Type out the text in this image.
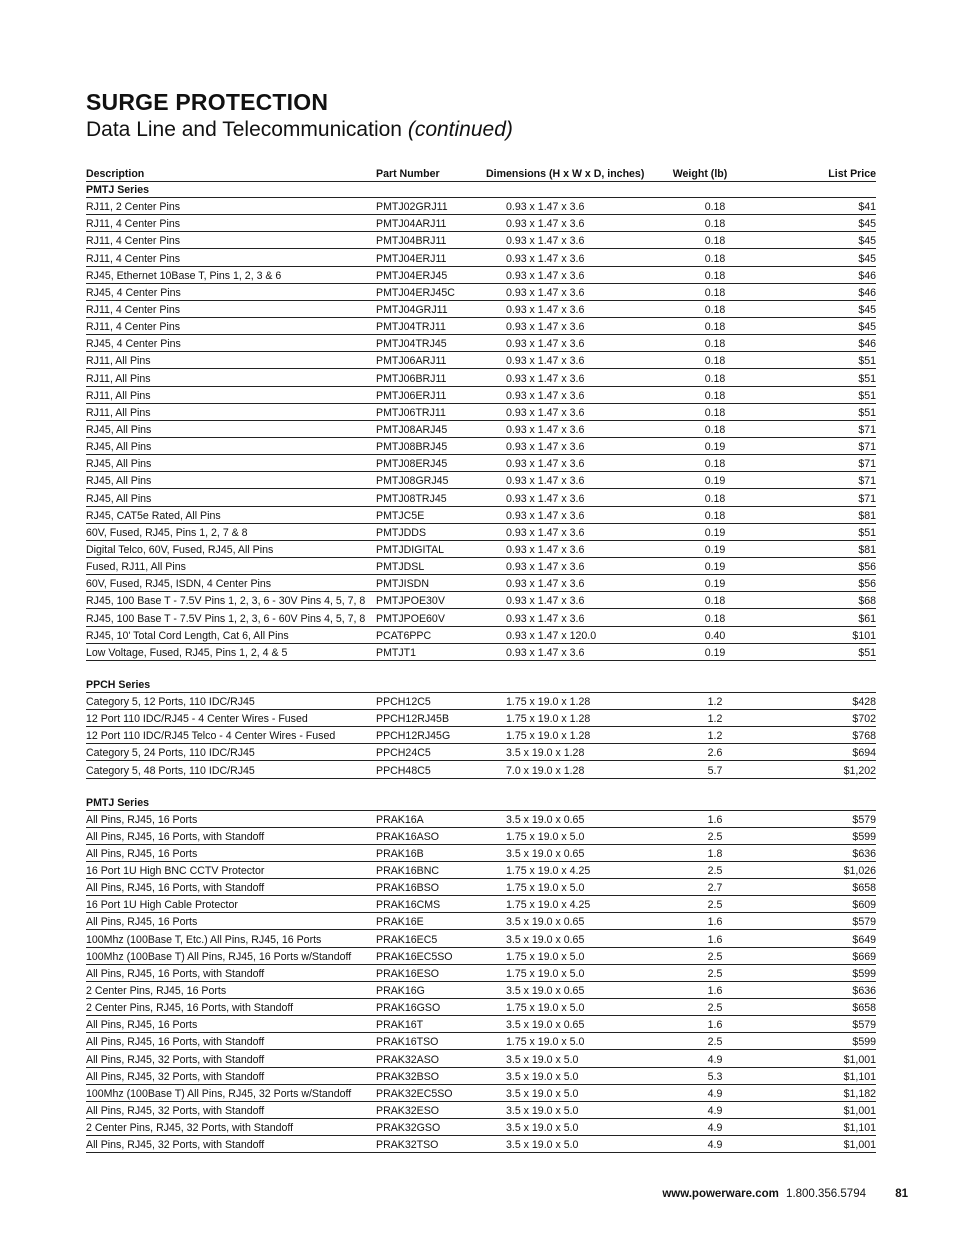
SURGE PROTECTION
Data Line and Telecommunication (continued)
Description	Part Number	Dimensions (H x W x D, inches)	Weight (lb)	List Price
PMTJ Series
RJ11, 2 Center Pins	PMTJ02GRJ11	0.93 x 1.47 x 3.6	0.18	$41
RJ11, 4 Center Pins	PMTJ04ARJ11	0.93 x 1.47 x 3.6	0.18	$45
RJ11, 4 Center Pins	PMTJ04BRJ11	0.93 x 1.47 x 3.6	0.18	$45
RJ11, 4 Center Pins	PMTJ04ERJ11	0.93 x 1.47 x 3.6	0.18	$45
RJ45, Ethernet 10Base T, Pins 1, 2, 3 & 6	PMTJ04ERJ45	0.93 x 1.47 x 3.6	0.18	$46
RJ45, 4 Center Pins	PMTJ04ERJ45C	0.93 x 1.47 x 3.6	0.18	$46
RJ11, 4 Center Pins	PMTJ04GRJ11	0.93 x 1.47 x 3.6	0.18	$45
RJ11, 4 Center Pins	PMTJ04TRJ11	0.93 x 1.47 x 3.6	0.18	$45
RJ45, 4 Center Pins	PMTJ04TRJ45	0.93 x 1.47 x 3.6	0.18	$46
RJ11, All Pins	PMTJ06ARJ11	0.93 x 1.47 x 3.6	0.18	$51
RJ11, All Pins	PMTJ06BRJ11	0.93 x 1.47 x 3.6	0.18	$51
RJ11, All Pins	PMTJ06ERJ11	0.93 x 1.47 x 3.6	0.18	$51
RJ11, All Pins	PMTJ06TRJ11	0.93 x 1.47 x 3.6	0.18	$51
RJ45, All Pins	PMTJ08ARJ45	0.93 x 1.47 x 3.6	0.18	$71
RJ45, All Pins	PMTJ08BRJ45	0.93 x 1.47 x 3.6	0.19	$71
RJ45, All Pins	PMTJ08ERJ45	0.93 x 1.47 x 3.6	0.18	$71
RJ45, All Pins	PMTJ08GRJ45	0.93 x 1.47 x 3.6	0.19	$71
RJ45, All Pins	PMTJ08TRJ45	0.93 x 1.47 x 3.6	0.18	$71
RJ45, CAT5e Rated, All Pins	PMTJC5E	0.93 x 1.47 x 3.6	0.18	$81
60V, Fused, RJ45, Pins 1, 2, 7 & 8	PMTJDDS	0.93 x 1.47 x 3.6	0.19	$51
Digital Telco, 60V, Fused, RJ45, All Pins	PMTJDIGITAL	0.93 x 1.47 x 3.6	0.19	$81
Fused, RJ11, All Pins	PMTJDSL	0.93 x 1.47 x 3.6	0.19	$56
60V, Fused, RJ45, ISDN, 4 Center Pins	PMTJISDN	0.93 x 1.47 x 3.6	0.19	$56
RJ45, 100 Base T - 7.5V Pins 1, 2, 3, 6 - 30V Pins 4, 5, 7, 8	PMTJPOE30V	0.93 x 1.47 x 3.6	0.18	$68
RJ45, 100 Base T - 7.5V Pins 1, 2, 3, 6 - 60V Pins 4, 5, 7, 8	PMTJPOE60V	0.93 x 1.47 x 3.6	0.18	$61
RJ45, 10' Total Cord Length, Cat 6, All Pins	PCAT6PPC	0.93 x 1.47 x 120.0	0.40	$101
Low Voltage, Fused, RJ45, Pins 1, 2, 4 & 5	PMTJT1	0.93 x 1.47 x 3.6	0.19	$51
PPCH Series
Category 5, 12 Ports, 110 IDC/RJ45	PPCH12C5	1.75 x 19.0 x 1.28	1.2	$428
12 Port 110 IDC/RJ45 - 4 Center Wires - Fused	PPCH12RJ45B	1.75 x 19.0 x 1.28	1.2	$702
12 Port 110 IDC/RJ45 Telco - 4 Center Wires - Fused	PPCH12RJ45G	1.75 x 19.0 x 1.28	1.2	$768
Category 5, 24 Ports, 110 IDC/RJ45	PPCH24C5	3.5 x 19.0 x 1.28	2.6	$694
Category 5, 48 Ports, 110 IDC/RJ45	PPCH48C5	7.0 x 19.0 x 1.28	5.7	$1,202
PMTJ Series
All Pins, RJ45, 16 Ports	PRAK16A	3.5 x 19.0 x 0.65	1.6	$579
All Pins, RJ45, 16 Ports, with Standoff	PRAK16ASO	1.75 x 19.0 x 5.0	2.5	$599
All Pins, RJ45, 16 Ports	PRAK16B	3.5 x 19.0 x 0.65	1.8	$636
16 Port 1U High BNC CCTV Protector	PRAK16BNC	1.75 x 19.0 x 4.25	2.5	$1,026
All Pins, RJ45, 16 Ports, with Standoff	PRAK16BSO	1.75 x 19.0 x 5.0	2.7	$658
16 Port 1U High Cable Protector	PRAK16CMS	1.75 x 19.0 x 4.25	2.5	$609
All Pins, RJ45, 16 Ports	PRAK16E	3.5 x 19.0 x 0.65	1.6	$579
100Mhz (100Base T, Etc.) All Pins, RJ45, 16 Ports	PRAK16EC5	3.5 x 19.0 x 0.65	1.6	$649
100Mhz (100Base T) All Pins, RJ45, 16 Ports w/Standoff	PRAK16EC5SO	1.75 x 19.0 x 5.0	2.5	$669
All Pins, RJ45, 16 Ports, with Standoff	PRAK16ESO	1.75 x 19.0 x 5.0	2.5	$599
2 Center Pins, RJ45, 16 Ports	PRAK16G	3.5 x 19.0 x 0.65	1.6	$636
2 Center Pins, RJ45, 16 Ports, with Standoff	PRAK16GSO	1.75 x 19.0 x 5.0	2.5	$658
All Pins, RJ45, 16 Ports	PRAK16T	3.5 x 19.0 x 0.65	1.6	$579
All Pins, RJ45, 16 Ports, with Standoff	PRAK16TSO	1.75 x 19.0 x 5.0	2.5	$599
All Pins, RJ45, 32 Ports, with Standoff	PRAK32ASO	3.5 x 19.0 x 5.0	4.9	$1,001
All Pins, RJ45, 32 Ports, with Standoff	PRAK32BSO	3.5 x 19.0 x 5.0	5.3	$1,101
100Mhz (100Base T) All Pins, RJ45, 32 Ports w/Standoff	PRAK32EC5SO	3.5 x 19.0 x 5.0	4.9	$1,182
All Pins, RJ45, 32 Ports, with Standoff	PRAK32ESO	3.5 x 19.0 x 5.0	4.9	$1,001
2 Center Pins, RJ45, 32 Ports, with Standoff	PRAK32GSO	3.5 x 19.0 x 5.0	4.9	$1,101
All Pins, RJ45, 32 Ports, with Standoff	PRAK32TSO	3.5 x 19.0 x 5.0	4.9	$1,001
www.powerware.com 1.800.356.5794	81
